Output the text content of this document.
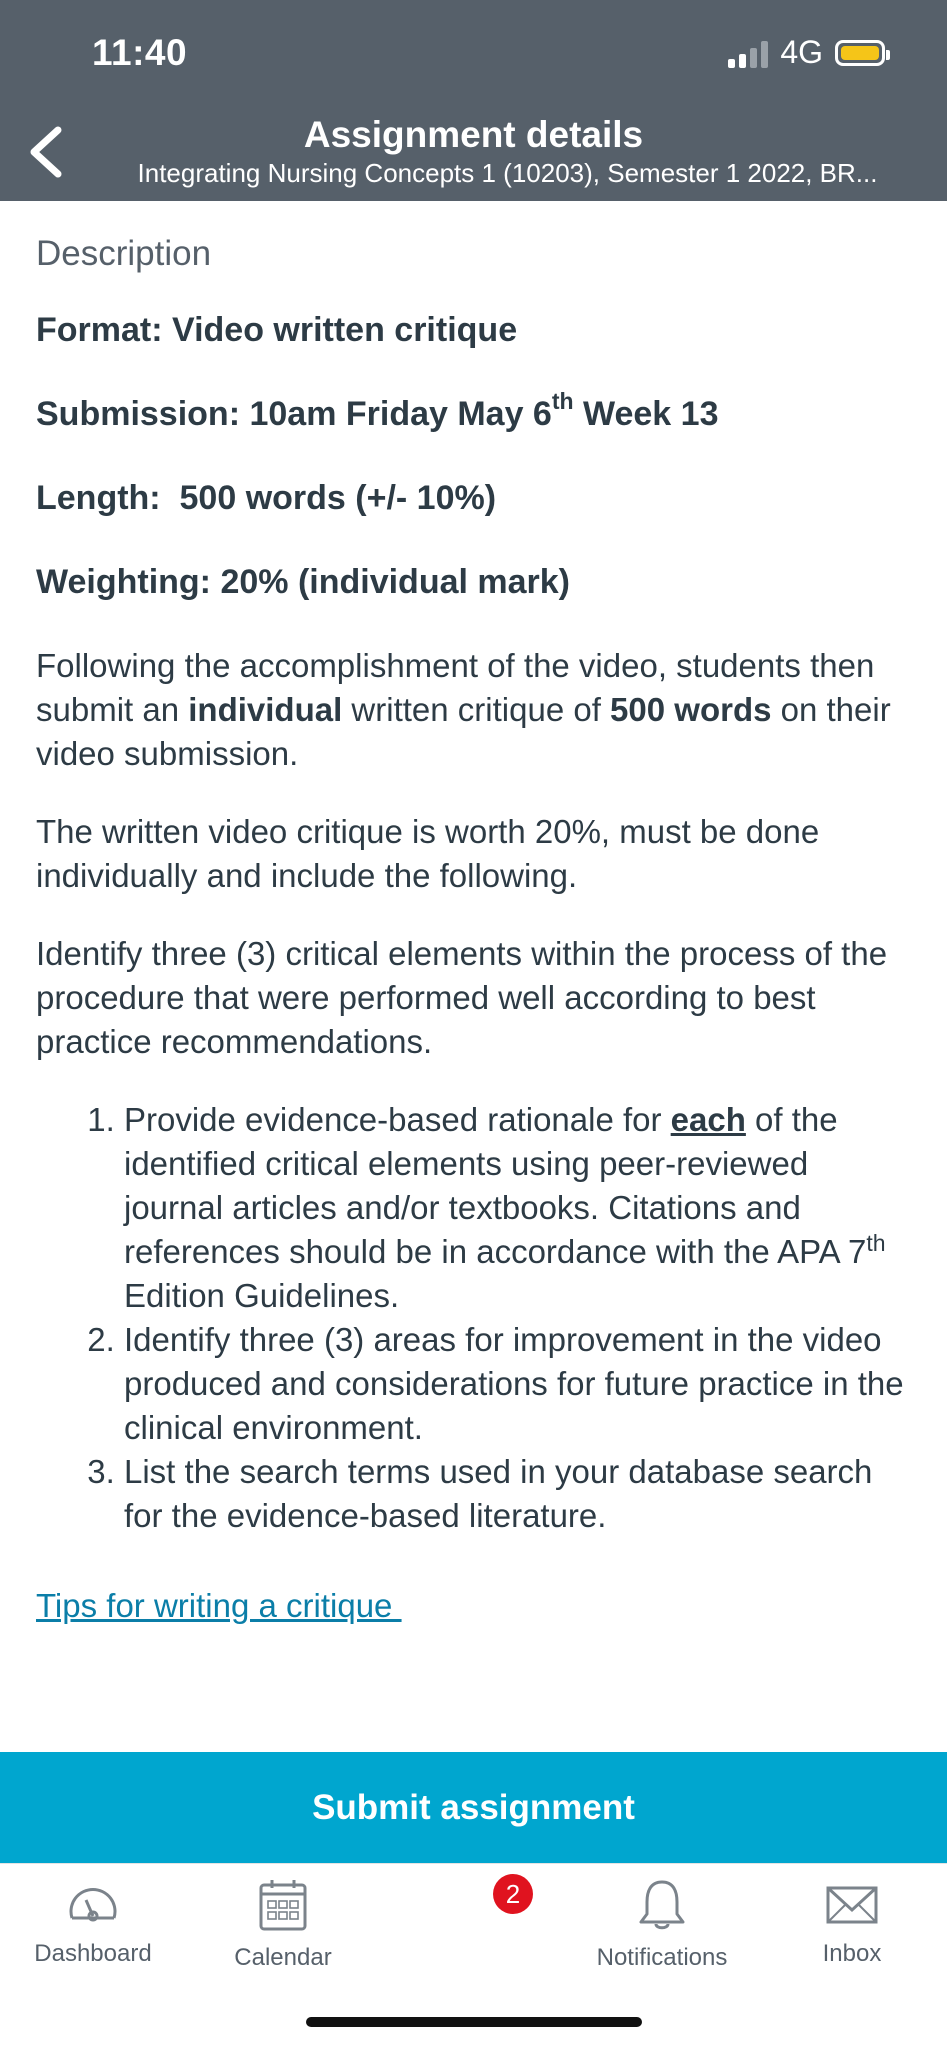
11:40	4G
Assignment details
Integrating Nursing Concepts 1 (10203), Semester 1 2022, BR...
Description
Format: Video written critique
Submission: 10am Friday May 6th Week 13
Length:  500 words (+/- 10%)
Weighting: 20% (individual mark)

Following the accomplishment of the video, students then submit an individual written critique of 500 words on their video submission.

The written video critique is worth 20%, must be done individually and include the following.

Identify three (3) critical elements within the process of the procedure that were performed well according to best practice recommendations.

1. Provide evidence-based rationale for each of the identified critical elements using peer-reviewed journal articles and/or textbooks. Citations and references should be in accordance with the APA 7th Edition Guidelines.
2. Identify three (3) areas for improvement in the video produced and considerations for future practice in the clinical environment.
3. List the search terms used in your database search for the evidence-based literature.
Tips for writing a critique
Submit assignment
Dashboard	Calendar	Notifications	Inbox
2
